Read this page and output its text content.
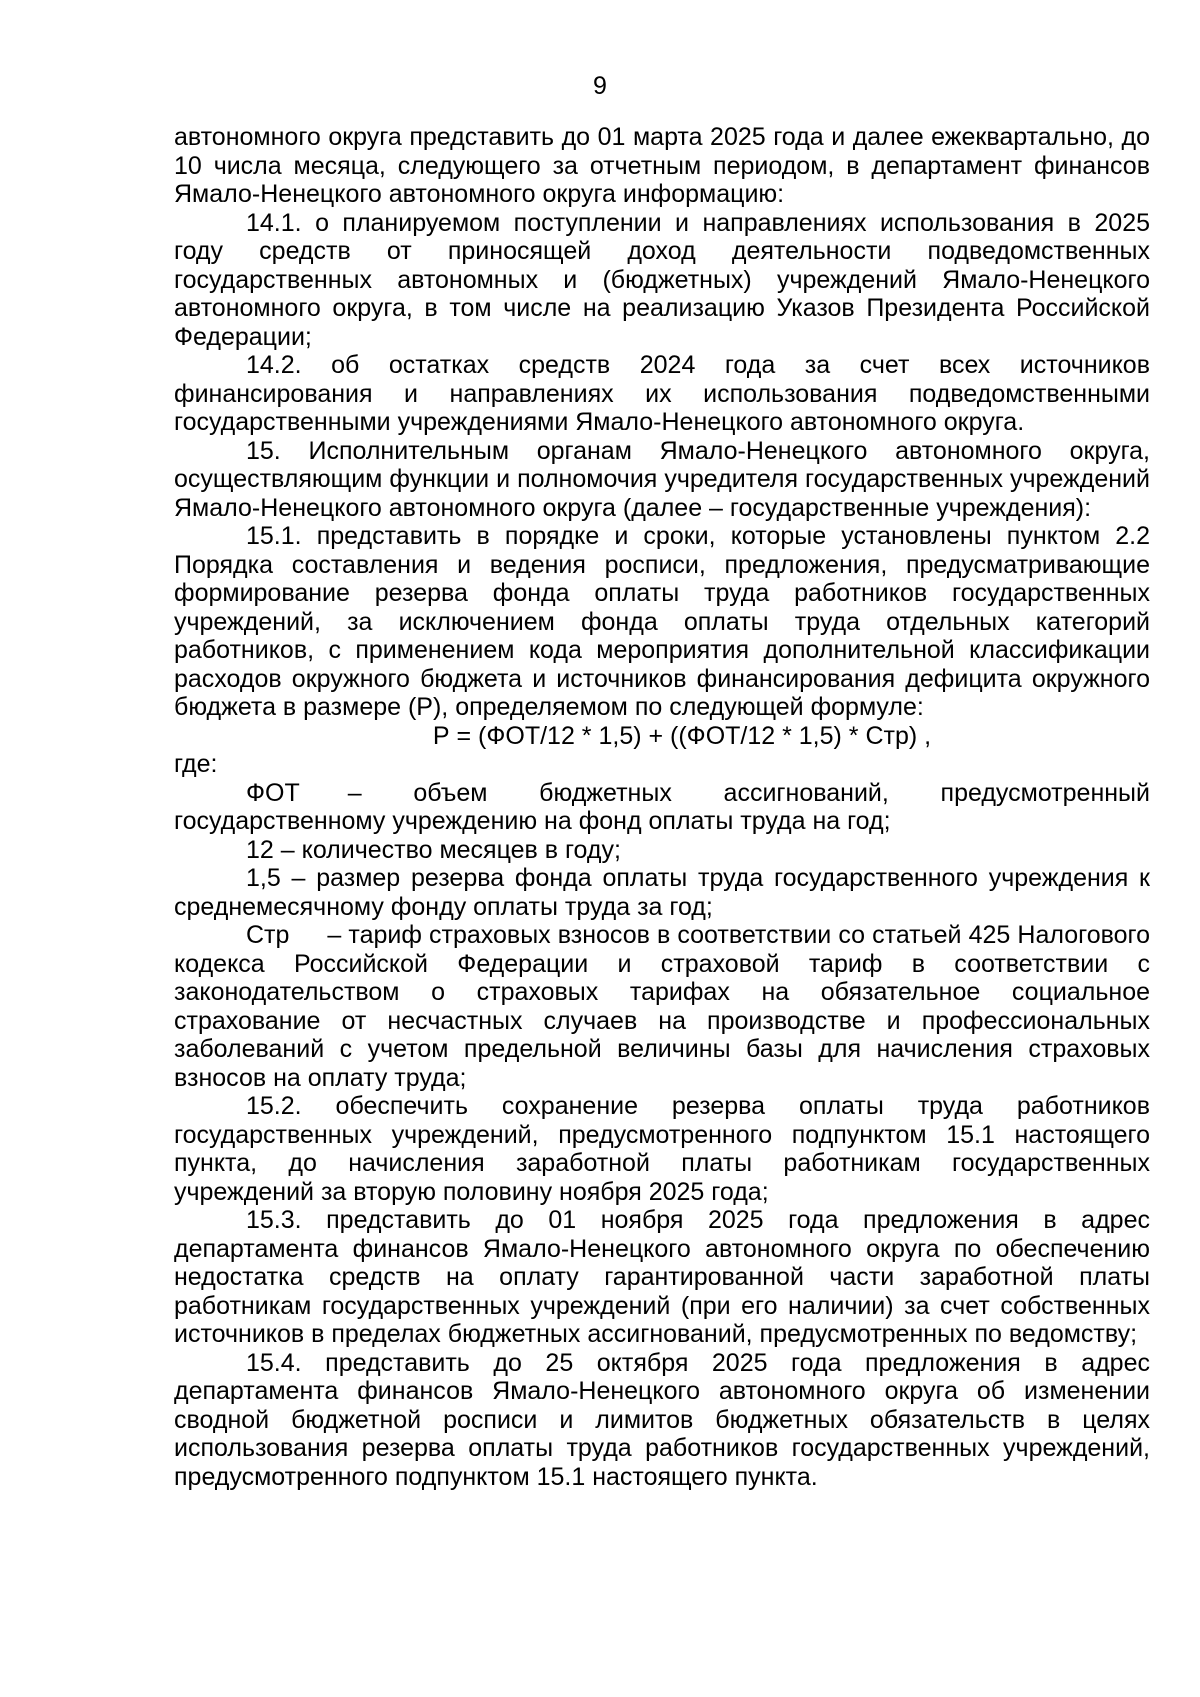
9

автономного округа представить до 01 марта 2025 года и далее ежеквартально, до 10 числа месяца, следующего за отчетным периодом, в департамент финансов Ямало-Ненецкого автономного округа информацию:

14.1. о планируемом поступлении и направлениях использования в 2025 году средств от приносящей доход деятельности подведомственных государственных автономных и (бюджетных) учреждений Ямало-Ненецкого автономного округа, в том числе на реализацию Указов Президента Российской Федерации;

14.2. об остатках средств 2024 года за счет всех источников финансирования и направлениях их использования подведомственными государственными учреждениями Ямало-Ненецкого автономного округа.

15. Исполнительным органам Ямало-Ненецкого автономного округа, осуществляющим функции и полномочия учредителя государственных учреждений Ямало-Ненецкого автономного округа (далее – государственные учреждения):

15.1. представить в порядке и сроки, которые установлены пунктом 2.2 Порядка составления и ведения росписи, предложения, предусматривающие формирование резерва фонда оплаты труда работников государственных учреждений, за исключением фонда оплаты труда отдельных категорий работников, с применением кода мероприятия дополнительной классификации расходов окружного бюджета и источников финансирования дефицита окружного бюджета в размере (Р), определяемом по следующей формуле:

Р = (ФОТ/12 * 1,5) + ((ФОТ/12 * 1,5) * Стр) ,

где:

ФОТ – объем бюджетных ассигнований, предусмотренный государственному учреждению на фонд оплаты труда на год;

12 – количество месяцев в году;

1,5 – размер резерва фонда оплаты труда государственного учреждения к среднемесячному фонду оплаты труда за год;

Стр – тариф страховых взносов в соответствии со статьей 425 Налогового кодекса Российской Федерации и страховой тариф в соответствии с законодательством о страховых тарифах на обязательное социальное страхование от несчастных случаев на производстве и профессиональных заболеваний с учетом предельной величины базы для начисления страховых взносов на оплату труда;

15.2. обеспечить сохранение резерва оплаты труда работников государственных учреждений, предусмотренного подпунктом 15.1 настоящего пункта, до начисления заработной платы работникам государственных учреждений за вторую половину ноября 2025 года;

15.3. представить до 01 ноября 2025 года предложения в адрес департамента финансов Ямало-Ненецкого автономного округа по обеспечению недостатка средств на оплату гарантированной части заработной платы работникам государственных учреждений (при его наличии) за счет собственных источников в пределах бюджетных ассигнований, предусмотренных по ведомству;

15.4. представить до 25 октября 2025 года предложения в адрес департамента финансов Ямало-Ненецкого автономного округа об изменении сводной бюджетной росписи и лимитов бюджетных обязательств в целях использования резерва оплаты труда работников государственных учреждений, предусмотренного подпунктом 15.1 настоящего пункта.
